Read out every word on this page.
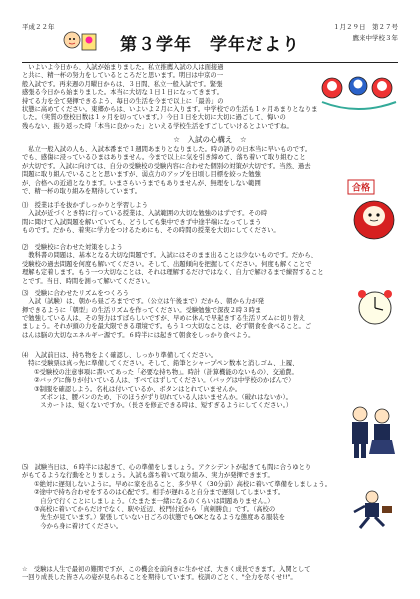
平成２２年
第３学年　学年だより
１月２９日　第２７号
鷹来中学校３年

　いよいよ今日から、入試が始まりました。私立推薦入試の人は面接過

と共に、精一杯の努力をしているところだと思います。明日は中京の一

般入試です。再来週の月曜日からは、３日間、私立一般入試です。緊張

感張る今日から始まりました。本当に大切な１日１日になってきます。

持てる力を全て発揮できるよう、毎日の生活を今まで以上に「最善」の

状態に高めてください。東郷からは、いよいよ２月に入ります。中学校での生活も１ヶ月あまりとなりま

した。（実質の登校日数は１ヶ月を切っています。）今日１日を大切に大切に過ごして、悔いの

残らない、振り返った時「本当に良かった」といえる学校生活をすごしていけるとよいですね。

☆　入試の心構え　☆

　私立一般入試の人も、入試本番まで１週間あまりとなりました。時の語りの日本当に早いものです。

でも、感傷に浸っているひまはありません。今まで以上に気を引き締めて、落ち着いて取り組むこと

が大切です。入試に向けては、自分の受験校の受験内容に合わせた個別の対策が大切です。当然、過去

問題に取り組んでいることと思いますが、弱点力のアップを日頃し目標を絞った勉強

が、合格への近道となります。いまさらいうまでもありませんが、無理をしない範囲

で、精一杯の取り組みを期待しています。	合格

⑴　授業は手を抜かずしっかりと学習しよう

　入試が近づくとき特に行っている授業は、入試範囲の大切な勉強のはずです。その時

間に聞けて入試問題を解いていても、どうしても集中できず中途半端になってしまう

ものです。だから、着実に学力をつけるためにも、その時間の授業を大切にしてください。

⑵　受験校に合わせた対策をしよう

　教科書の問題は、基本となる大切な問題です。入試にはそのまま出ることは少ないものです。だから、

受験校の過去問題を何度も解いてください。そして、出題傾向を把握してください。何度も解くことで

理解も定着します。もう一つ大切なことは、それは理解するだけではなく、自力で解けるまで練習すること

とです。当日、時間を測って解いてください。

⑶　受験に合わせたリズムをつくろう

　入試（試験）は、朝から昼ごろまでです。（公立は午後まで）だから、朝から力が発

揮できるように「朝型」の生活リズムを作ってください。受験勉強で深夜２時３時ま

で勉強している人は、その努力はすばらしいですが、早めに休んで早起きする生活リズムに切り替え

ましょう。それが頭の力を最大限できる環境です。もう１つ大切なことは、必ず朝食を食べること。ご

はんは脳の大切なエネルギー源です。６時半には起きて朝食をしっかり食べよう。

⑷　入試前日は、持ち物をよく確認し、しっかり準備してください。

　特に受験票は真っ先に準備してください。そして、鉛筆とシャープペン数本と消しゴム、上履、

①受験校の注意事項に書いてあった「必要な持ち物」。時計（計算機能のないもの）、交通費。

②バッグに飾りが付いている人は、すべてはずしてください。（バッグは中学校のかばんで）

③制服を確認しよう。名札は付いているか、ボタンはとれていませんか。

　ズボンは、腰パンのため、下のほうがずり切れている人はいませんか。（破れはないか）。

　スカートは、短くないですか。（長さを修正できる時は、短すぎるようにしてください。）

⑸　試験当日は、６時半には起きて、心の準備をしましょう。アクシデントが起きても間に合うゆとり

がもてるような行動をとりましょう。入試も落ち着いて取り組み、実力が発揮できます。

①絶対に遅刻しないように。早めに家を出ること、多少早く（30分前）高校に着いて準備をしましょう。

②途中で持ち合わせをするのは心配です。相手が遅れると自分まで遅刻してしまいます。

　自分で行くことにしましょう。（たまたま一緒になるのくらいは問題ありません。）

③高校に着いてからだけでなく、駅や近辺、校門付近から「真剣勝負」です。（高校の

　先生が見ています。）緊張していない日ごろの状態でもOKとなるような態度ある服装を

　今から身に着けてください。

☆　受験は人生で最初の難関ですが、この機会を前向きに生かせば、大きく成長できます。入関として

一回り成長した皆さんの姿が見られることを期待しています。校訓のごとく、"全力を尽くせ!!"。
